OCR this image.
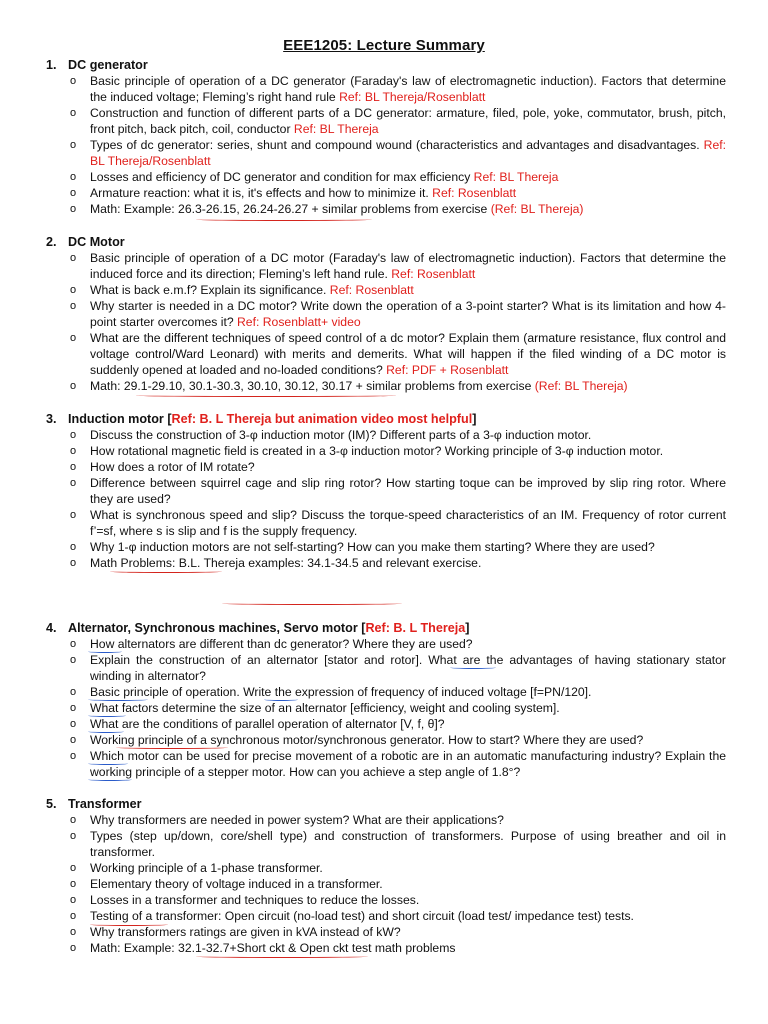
EEE1205: Lecture Summary
1. DC generator
o Basic principle of operation of a DC generator (Faraday's law of electromagnetic induction). Factors that determine the induced voltage; Fleming’s right hand rule Ref: BL Thereja/Rosenblatt
o Construction and function of different parts of a DC generator: armature, filed, pole, yoke, commutator, brush, pitch, front pitch, back pitch, coil, conductor Ref: BL Thereja
o Types of dc generator: series, shunt and compound wound (characteristics and advantages and disadvantages. Ref: BL Thereja/Rosenblatt
o Losses and efficiency of DC generator and condition for max efficiency Ref: BL Thereja
o Armature reaction: what it is, it's effects and how to minimize it. Ref: Rosenblatt
o Math: Example: 26.3-26.15, 26.24-26.27 + similar problems from exercise (Ref: BL Thereja)
2. DC Motor
o Basic principle of operation of a DC motor (Faraday's law of electromagnetic induction). Factors that determine the induced force and its direction; Fleming’s left hand rule. Ref: Rosenblatt
o What is back e.m.f? Explain its significance. Ref: Rosenblatt
o Why starter is needed in a DC motor? Write down the operation of a 3-point starter? What is its limitation and how 4-point starter overcomes it? Ref: Rosenblatt+ video
o What are the different techniques of speed control of a dc motor? Explain them (armature resistance, flux control and voltage control/Ward Leonard) with merits and demerits. What will happen if the filed winding of a DC motor is suddenly opened at loaded and no-loaded conditions? Ref: PDF + Rosenblatt
o Math: 29.1-29.10, 30.1-30.3, 30.10, 30.12, 30.17 + similar problems from exercise (Ref: BL Thereja)
3. Induction motor [Ref: B. L Thereja but animation video most helpful]
o Discuss the construction of 3-φ induction motor (IM)? Different parts of a 3-φ induction motor.
o How rotational magnetic field is created in a 3-φ induction motor? Working principle of 3-φ induction motor.
o How does a rotor of IM rotate?
o Difference between squirrel cage and slip ring rotor? How starting toque can be improved by slip ring rotor. Where they are used?
o What is synchronous speed and slip? Discuss the torque-speed characteristics of an IM. Frequency of rotor current f’=sf, where s is slip and f is the supply frequency.
o Why 1-φ induction motors are not self-starting? How can you make them starting? Where they are used?
o Math Problems: B.L. Thereja examples: 34.1-34.5 and relevant exercise.
4. Alternator, Synchronous machines, Servo motor [Ref: B. L Thereja]
o How alternators are different than dc generator? Where they are used?
o Explain the construction of an alternator [stator and rotor]. What are the advantages of having stationary stator winding in alternator?
o Basic principle of operation. Write the expression of frequency of induced voltage [f=PN/120].
o What factors determine the size of an alternator [efficiency, weight and cooling system].
o What are the conditions of parallel operation of alternator [V, f, θ]?
o Working principle of a synchronous motor/synchronous generator. How to start? Where they are used?
o Which motor can be used for precise movement of a robotic are in an automatic manufacturing industry? Explain the working principle of a stepper motor. How can you achieve a step angle of 1.8°?
5. Transformer
o Why transformers are needed in power system? What are their applications?
o Types (step up/down, core/shell type) and construction of transformers. Purpose of using breather and oil in transformer.
o Working principle of a 1-phase transformer.
o Elementary theory of voltage induced in a transformer.
o Losses in a transformer and techniques to reduce the losses.
o Testing of a transformer: Open circuit (no-load test) and short circuit (load test/ impedance test) tests.
o Why transformers ratings are given in kVA instead of kW?
o Math: Example: 32.1-32.7+Short ckt & Open ckt test math problems
